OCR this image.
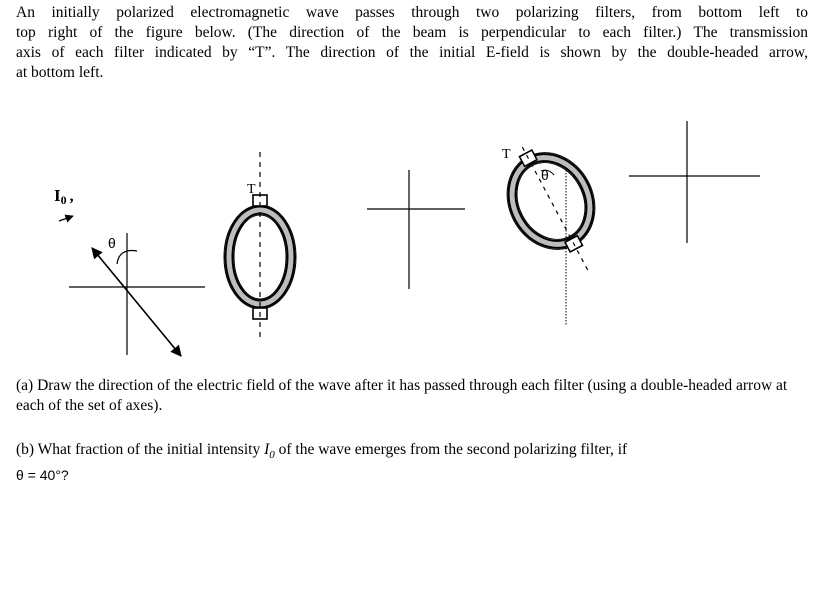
An initially polarized electromagnetic wave passes through two polarizing filters, from bottom left to

top right of the figure below. (The direction of the beam is perpendicular to each filter.) The transmission

axis of each filter indicated by “T”. The direction of the initial E-field is shown by the double-headed arrow,

at bottom left.

θ
I0 ,	T
T
θ
(a) Draw the direction of the electric field of the wave after it has passed through each filter (using a double-headed arrow at each of the set of axes).
(b) What fraction of the initial intensity $I_0$ of the wave emerges from the second polarizing filter, if
θ = 40°?
